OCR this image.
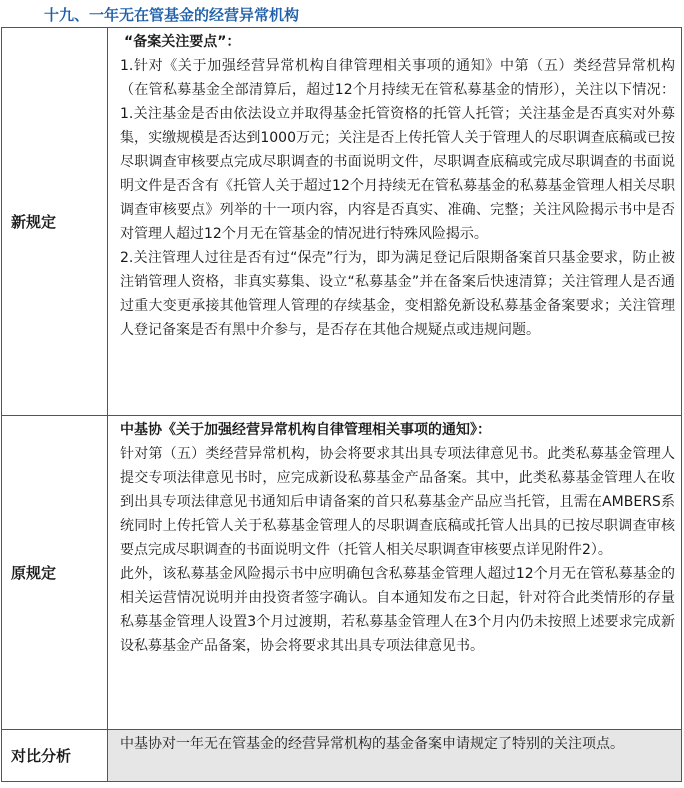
十九、一年无在管基金的经营异常机构
新规定	“备案关注要点”：

1.针对《关于加强经营异常机构自律管理相关事项的通知》中第（五）类经营异常机构（在管私募基金全部清算后，超过12个月持续无在管私募基金的情形），关注以下情况：1.关注基金是否由依法设立并取得基金托管资格的托管人托管；关注基金是否真实对外募集，实缴规模是否达到1000万元；关注是否上传托管人关于管理人的尽职调查底稿或已按尽职调查审核要点完成尽职调查的书面说明文件，尽职调查底稿或完成尽职调查的书面说明文件是否含有《托管人关于超过12个月持续无在管私募基金的私募基金管理人相关尽职调查审核要点》列举的十一项内容，内容是否真实、准确、完整；关注风险揭示书中是否对管理人超过12个月无在管基金的情况进行特殊风险揭示。

2.关注管理人过往是否有过“保壳”行为，即为满足登记后限期备案首只基金要求，防止被注销管理人资格，非真实募集、设立“私募基金”并在备案后快速清算；关注管理人是否通过重大变更承接其他管理人管理的存续基金，变相豁免新设私募基金备案要求；关注管理人登记备案是否有黑中介参与，是否存在其他合规疑点或违规问题。

原规定	中基协《关于加强经营异常机构自律管理相关事项的通知》：

针对第（五）类经营异常机构，协会将要求其出具专项法律意见书。此类私募基金管理人提交专项法律意见书时，应完成新设私募基金产品备案。其中，此类私募基金管理人在收到出具专项法律意见书通知后申请备案的首只私募基金产品应当托管，且需在AMBERS系统同时上传托管人关于私募基金管理人的尽职调查底稿或托管人出具的已按尽职调查审核要点完成尽职调查的书面说明文件（托管人相关尽职调查审核要点详见附件2）。

此外，该私募基金风险揭示书中应明确包含私募基金管理人超过12个月无在管私募基金的相关运营情况说明并由投资者签字确认。自本通知发布之日起，针对符合此类情形的存量私募基金管理人设置3个月过渡期，若私募基金管理人在3个月内仍未按照上述要求完成新设私募基金产品备案，协会将要求其出具专项法律意见书。

对比分析	中基协对一年无在管基金的经营异常机构的基金备案申请规定了特别的关注项点。
